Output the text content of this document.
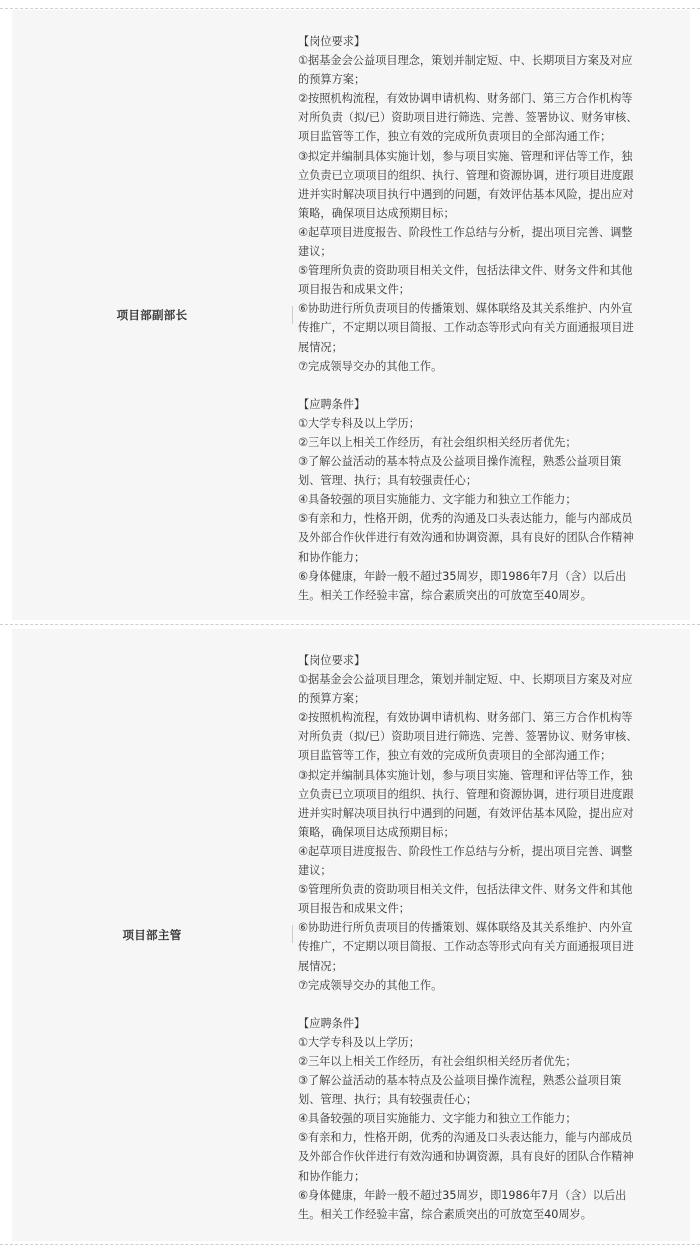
项目部副部长
【岗位要求】
①据基金会公益项目理念，策划并制定短、中、长期项目方案及对应
的预算方案；
②按照机构流程，有效协调申请机构、财务部门、第三方合作机构等
对所负责（拟/已）资助项目进行筛选、完善、签署协议、财务审核、
项目监管等工作，独立有效的完成所负责项目的全部沟通工作；
③拟定并编制具体实施计划，参与项目实施、管理和评估等工作，独
立负责已立项项目的组织、执行、管理和资源协调，进行项目进度跟
进并实时解决项目执行中遇到的问题，有效评估基本风险，提出应对
策略，确保项目达成预期目标；
④起草项目进度报告、阶段性工作总结与分析，提出项目完善、调整
建议；
⑤管理所负责的资助项目相关文件，包括法律文件、财务文件和其他
项目报告和成果文件；
⑥协助进行所负责项目的传播策划、媒体联络及其关系维护、内外宣
传推广，不定期以项目简报、工作动态等形式向有关方面通报项目进
展情况；
⑦完成领导交办的其他工作。
【应聘条件】
①大学专科及以上学历；
②三年以上相关工作经历，有社会组织相关经历者优先；
③了解公益活动的基本特点及公益项目操作流程，熟悉公益项目策
划、管理、执行；具有较强责任心；
④具备较强的项目实施能力、文字能力和独立工作能力；
⑤有亲和力，性格开朗，优秀的沟通及口头表达能力，能与内部成员
及外部合作伙伴进行有效沟通和协调资源，具有良好的团队合作精神
和协作能力；
⑥身体健康，年龄一般不超过35周岁，即1986年7月（含）以后出
生。相关工作经验丰富，综合素质突出的可放宽至40周岁。
项目部主管
【岗位要求】
①据基金会公益项目理念，策划并制定短、中、长期项目方案及对应
的预算方案；
②按照机构流程，有效协调申请机构、财务部门、第三方合作机构等
对所负责（拟/已）资助项目进行筛选、完善、签署协议、财务审核、
项目监管等工作，独立有效的完成所负责项目的全部沟通工作；
③拟定并编制具体实施计划，参与项目实施、管理和评估等工作，独
立负责已立项项目的组织、执行、管理和资源协调，进行项目进度跟
进并实时解决项目执行中遇到的问题，有效评估基本风险，提出应对
策略，确保项目达成预期目标；
④起草项目进度报告、阶段性工作总结与分析，提出项目完善、调整
建议；
⑤管理所负责的资助项目相关文件，包括法律文件、财务文件和其他
项目报告和成果文件；
⑥协助进行所负责项目的传播策划、媒体联络及其关系维护、内外宣
传推广，不定期以项目简报、工作动态等形式向有关方面通报项目进
展情况；
⑦完成领导交办的其他工作。
【应聘条件】
①大学专科及以上学历；
②三年以上相关工作经历，有社会组织相关经历者优先；
③了解公益活动的基本特点及公益项目操作流程，熟悉公益项目策
划、管理、执行；具有较强责任心；
④具备较强的项目实施能力、文字能力和独立工作能力；
⑤有亲和力，性格开朗，优秀的沟通及口头表达能力，能与内部成员
及外部合作伙伴进行有效沟通和协调资源，具有良好的团队合作精神
和协作能力；
⑥身体健康，年龄一般不超过35周岁，即1986年7月（含）以后出
生。相关工作经验丰富，综合素质突出的可放宽至40周岁。
